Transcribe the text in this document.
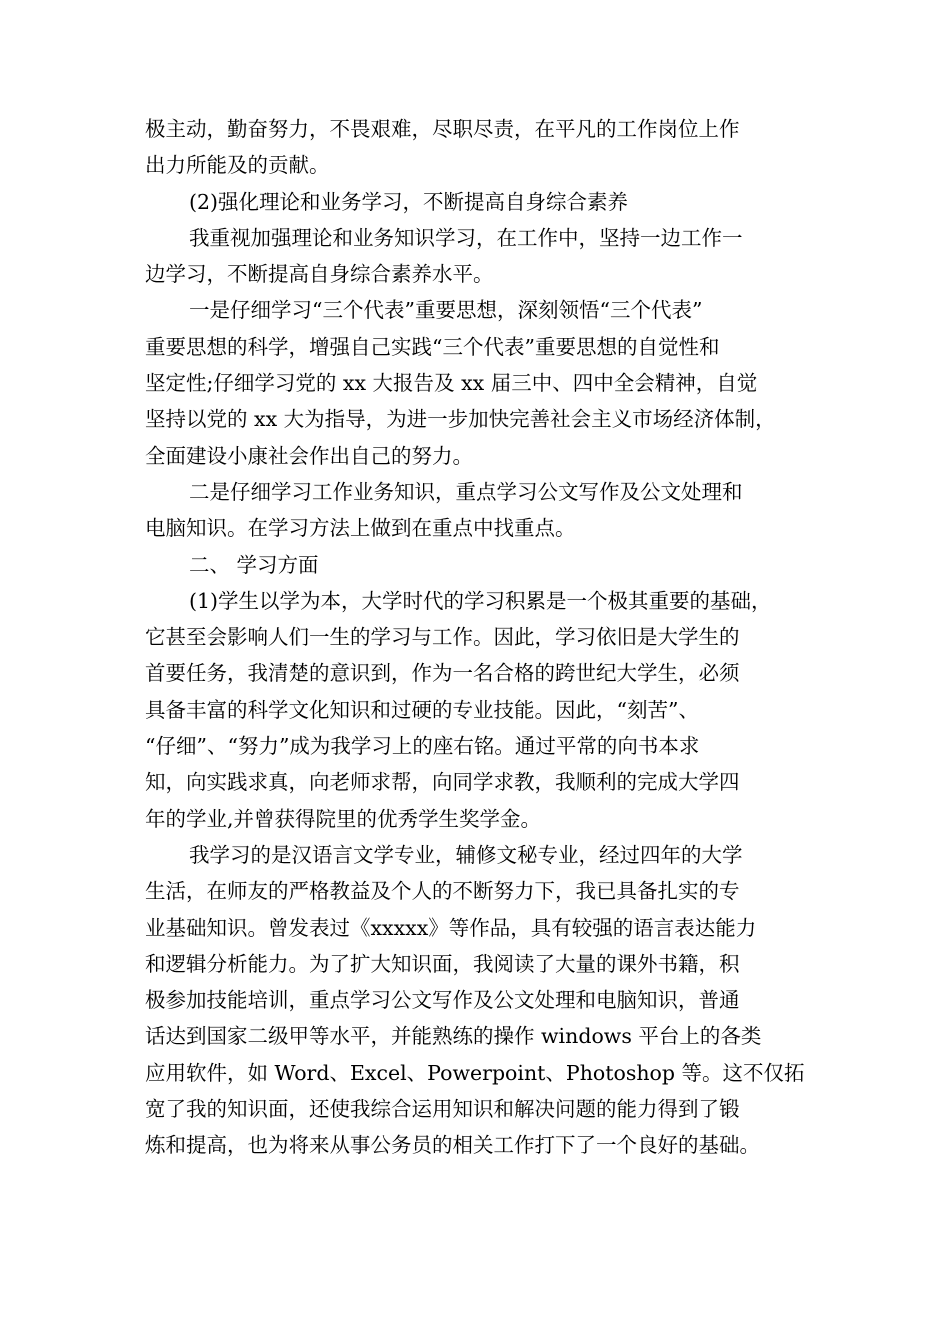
极主动，勤奋努力，不畏艰难，尽职尽责，在平凡的工作岗位上作
出力所能及的贡献。
(2)强化理论和业务学习，不断提高自身综合素养
我重视加强理论和业务知识学习，在工作中，坚持一边工作一
边学习，不断提高自身综合素养水平。
一是仔细学习“三个代表”重要思想，深刻领悟“三个代表”
重要思想的科学，增强自己实践“三个代表”重要思想的自觉性和
坚定性;仔细学习党的 xx 大报告及 xx 届三中、四中全会精神，自觉
坚持以党的 xx 大为指导，为进一步加快完善社会主义市场经济体制，
全面建设小康社会作出自己的努力。
二是仔细学习工作业务知识，重点学习公文写作及公文处理和
电脑知识。在学习方法上做到在重点中找重点。
二、 学习方面
(1)学生以学为本，大学时代的学习积累是一个极其重要的基础，
它甚至会影响人们一生的学习与工作。因此，学习依旧是大学生的
首要任务，我清楚的意识到，作为一名合格的跨世纪大学生，必须
具备丰富的科学文化知识和过硬的专业技能。因此，“刻苦”、
“仔细”、“努力”成为我学习上的座右铭。通过平常的向书本求
知，向实践求真，向老师求帮，向同学求教，我顺利的完成大学四
年的学业,并曾获得院里的优秀学生奖学金。
我学习的是汉语言文学专业，辅修文秘专业，经过四年的大学
生活，在师友的严格教益及个人的不断努力下，我已具备扎实的专
业基础知识。曾发表过《xxxxx》等作品，具有较强的语言表达能力
和逻辑分析能力。为了扩大知识面，我阅读了大量的课外书籍，积
极参加技能培训，重点学习公文写作及公文处理和电脑知识，普通
话达到国家二级甲等水平，并能熟练的操作 windows 平台上的各类
应用软件，如 Word、Excel、Powerpoint、Photoshop 等。这不仅拓
宽了我的知识面，还使我综合运用知识和解决问题的能力得到了锻
炼和提高，也为将来从事公务员的相关工作打下了一个良好的基础。
